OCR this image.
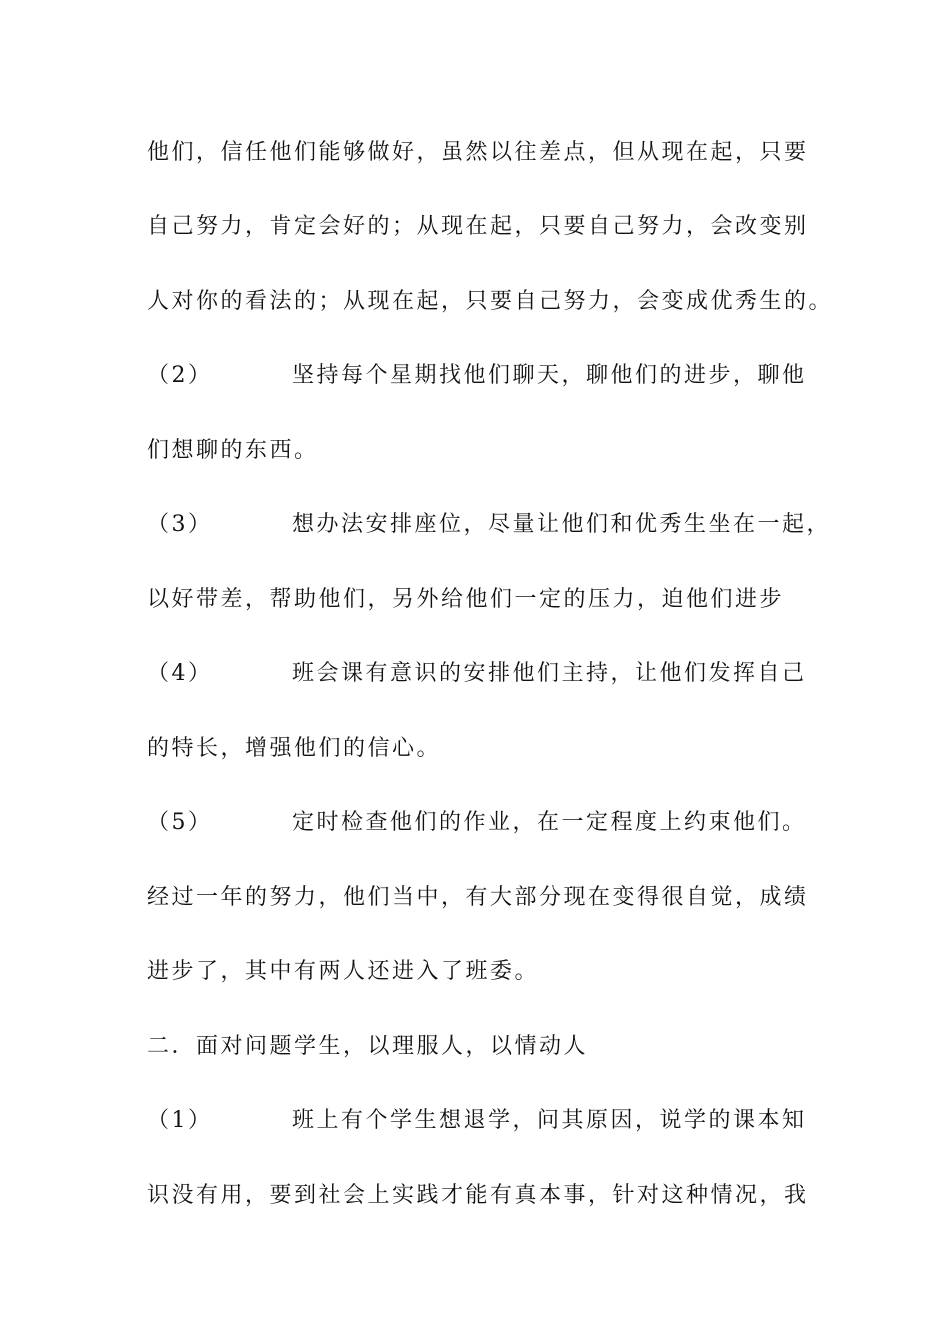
他们，信任他们能够做好，虽然以往差点，但从现在起，只要
自己努力，肯定会好的；从现在起，只要自己努力，会改变别
人对你的看法的；从现在起，只要自己努力，会变成优秀生的。
（2）	坚持每个星期找他们聊天，聊他们的进步，聊他
们想聊的东西。
（3）	想办法安排座位，尽量让他们和优秀生坐在一起，
以好带差，帮助他们，另外给他们一定的压力，迫他们进步
（4）	班会课有意识的安排他们主持，让他们发挥自己
的特长，增强他们的信心。
（5）	定时检查他们的作业，在一定程度上约束他们。
经过一年的努力，他们当中，有大部分现在变得很自觉，成绩
进步了，其中有两人还进入了班委。
二．面对问题学生，以理服人，以情动人
（1）	班上有个学生想退学，问其原因，说学的课本知
识没有用，要到社会上实践才能有真本事，针对这种情况，我
